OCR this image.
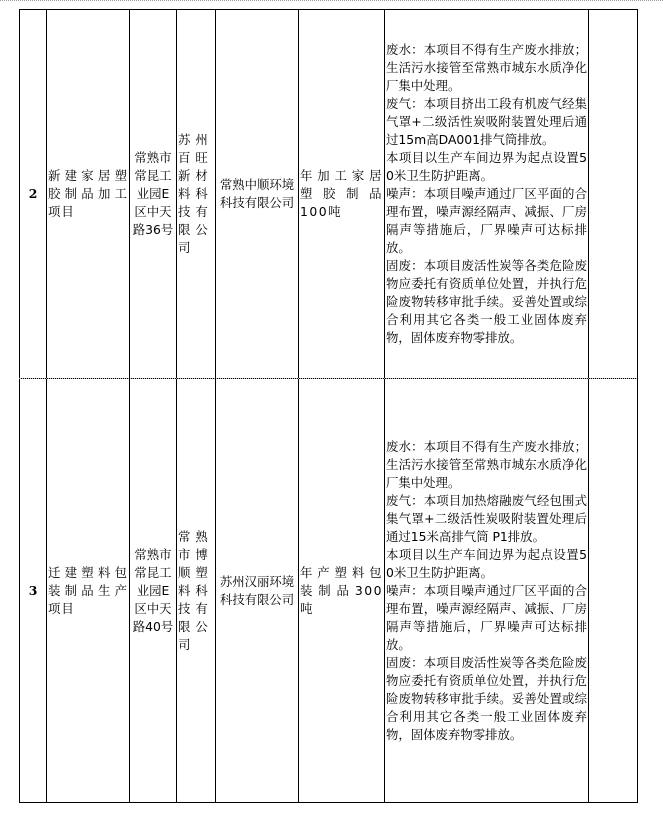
2	新建家居塑胶制品加工项目	常熟市常昆工业园E区中天路36号	苏州百旺新材料科技有限公司	常熟中顺环境科技有限公司	年加工家居塑胶制品100吨	废水：本项目不得有生产废水排放；生活污水接管至常熟市城东水质净化厂集中处理。

废气：本项目挤出工段有机废气经集气罩+二级活性炭吸附装置处理后通过15m高DA001排气筒排放。

本项目以生产车间边界为起点设置50米卫生防护距离。

噪声：本项目噪声通过厂区平面的合理布置，噪声源经隔声、减振、厂房隔声等措施后，厂界噪声可达标排放。

固废：本项目废活性炭等各类危险废物应委托有资质单位处置，并执行危险废物转移审批手续。妥善处置或综合利用其它各类一般工业固体废弃物，固体废弃物零排放。	

3	迁建塑料包装制品生产项目	常熟市常昆工业园E区中天路40号	常熟市博顺塑料科技有限公司	苏州汉丽环境科技有限公司	年产塑料包装制品300吨	废水：本项目不得有生产废水排放；生活污水接管至常熟市城东水质净化厂集中处理。

废气：本项目加热熔融废气经包围式集气罩+二级活性炭吸附装置处理后通过15米高排气筒 P1排放。

本项目以生产车间边界为起点设置50米卫生防护距离。

噪声：本项目噪声通过厂区平面的合理布置，噪声源经隔声、减振、厂房隔声等措施后，厂界噪声可达标排放。

固废：本项目废活性炭等各类危险废物应委托有资质单位处置，并执行危险废物转移审批手续。妥善处置或综合利用其它各类一般工业固体废弃物，固体废弃物零排放。	
